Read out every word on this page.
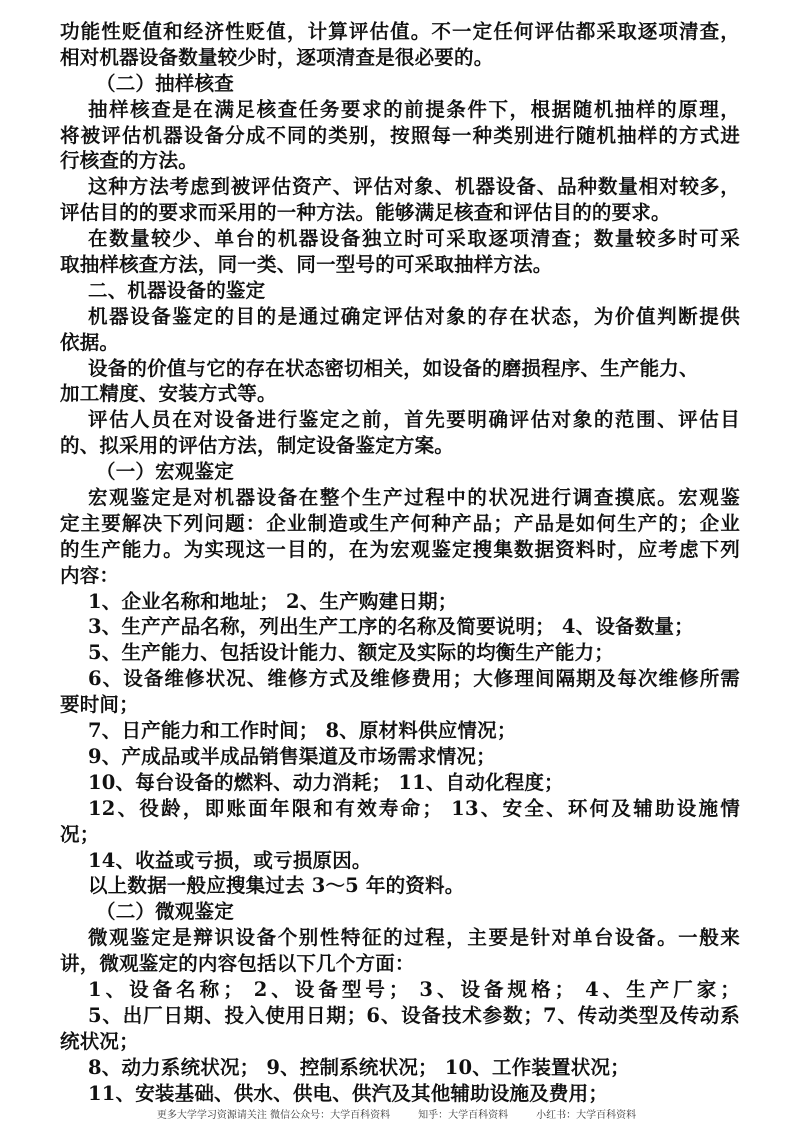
功能性贬值和经济性贬值，计算评估值。不一定任何评估都采取逐项清查，
相对机器设备数量较少时，逐项清查是很必要的。
（二）抽样核查
抽样核查是在满足核查任务要求的前提条件下，根据随机抽样的原理，
将被评估机器设备分成不同的类别，按照每一种类别进行随机抽样的方式进
行核查的方法。
这种方法考虑到被评估资产、评估对象、机器设备、品种数量相对较多，
评估目的的要求而采用的一种方法。能够满足核查和评估目的的要求。
在数量较少、单台的机器设备独立时可采取逐项清查；数量较多时可采
取抽样核查方法，同一类、同一型号的可采取抽样方法。
二、机器设备的鉴定
机器设备鉴定的目的是通过确定评估对象的存在状态，为价值判断提供
依据。
设备的价值与它的存在状态密切相关，如设备的磨损程序、生产能力、
加工精度、安装方式等。
评估人员在对设备进行鉴定之前，首先要明确评估对象的范围、评估目
的、拟采用的评估方法，制定设备鉴定方案。
（一）宏观鉴定
宏观鉴定是对机器设备在整个生产过程中的状况进行调查摸底。宏观鉴
定主要解决下列问题：企业制造或生产何种产品；产品是如何生产的；企业
的生产能力。为实现这一目的，在为宏观鉴定搜集数据资料时，应考虑下列
内容：
1、企业名称和地址； 2、生产购建日期；
3、生产产品名称，列出生产工序的名称及简要说明； 4、设备数量；
5、生产能力、包括设计能力、额定及实际的均衡生产能力；
6、设备维修状况、维修方式及维修费用；大修理间隔期及每次维修所需
要时间；
7、日产能力和工作时间； 8、原材料供应情况；
9、产成品或半成品销售渠道及市场需求情况；
10、每台设备的燃料、动力消耗； 11、自动化程度；
12、役龄，即账面年限和有效寿命； 13、安全、环何及辅助设施情
况；
14、收益或亏损，或亏损原因。
以上数据一般应搜集过去 3～5 年的资料。
（二）微观鉴定
微观鉴定是辩识设备个别性特征的过程，主要是针对单台设备。一般来
讲，微观鉴定的内容包括以下几个方面：
1、设备名称； 2、设备型号； 3、设备规格； 4、生产厂家；
5、出厂日期、投入使用日期；6、设备技术参数；7、传动类型及传动系
统状况；
8、动力系统状况； 9、控制系统状况； 10、工作装置状况；
11、安装基础、供水、供电、供汽及其他辅助设施及费用；
更多大学学习资源请关注 微信公众号：大学百科资料	知乎：大学百科资料	小红书：大学百科资料
